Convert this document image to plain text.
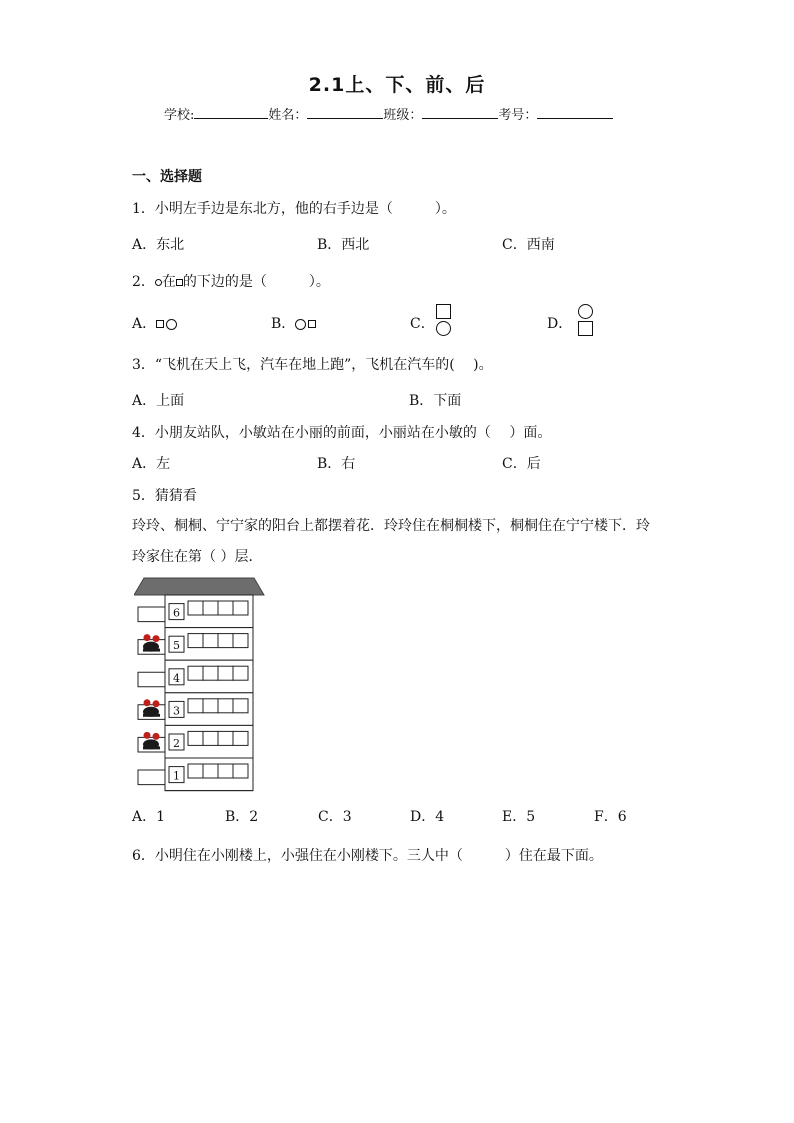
2.1上、下、前、后
学校:	姓名：	班级：	考号：
一、选择题
1．小明左手边是东北方，他的右手边是（　　　）。
A．东北	B．西北	C．西南
2． 在 的下边的是（　　　）。
A．	B．	C．	D．
3．“飞机在天上飞，汽车在地上跑”，飞机在汽车的(　 )。
A．上面	B．下面
4．小朋友站队，小敏站在小丽的前面，小丽站在小敏的（　 ）面。
A．左	B．右	C．后
5．猜猜看
玲玲、桐桐、宁宁家的阳台上都摆着花．玲玲住在桐桐楼下，桐桐住在宁宁楼下．玲
玲家住在第（ ）层．
6
5
4
3
2
1
A．1	B．2	C．3	D．4	E．5	F．6
6．小明住在小刚楼上，小强住在小刚楼下。三人中（　　　）住在最下面。
